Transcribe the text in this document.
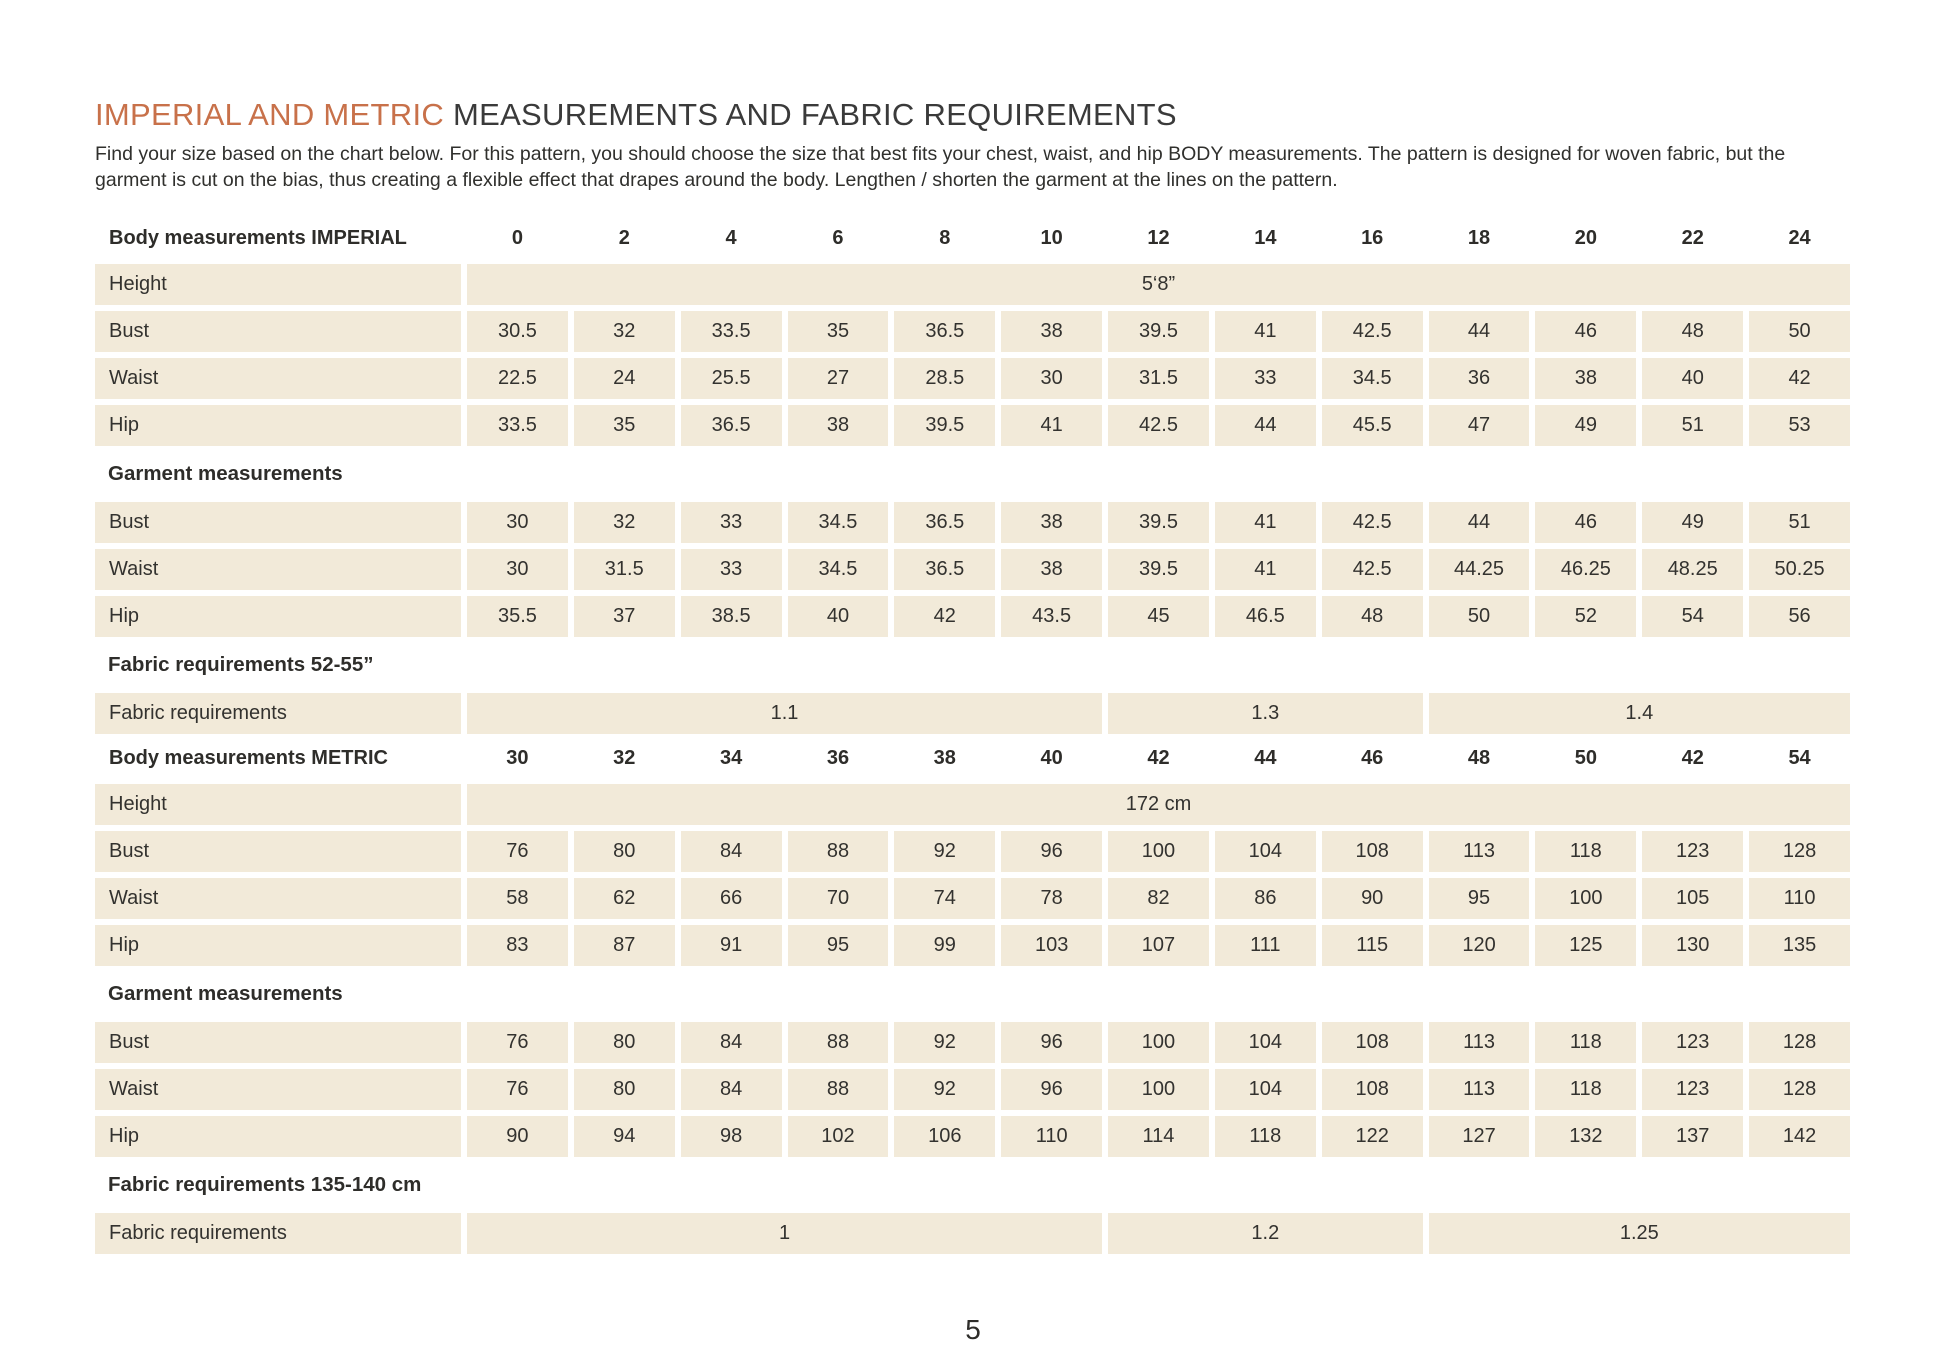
IMPERIAL AND METRIC MEASUREMENTS AND FABRIC REQUIREMENTS

Find your size based on the chart below. For this pattern, you should choose the size that best fits your chest, waist, and hip BODY measurements. The pattern is designed for woven fabric, but the garment is cut on the bias, thus creating a flexible effect that drapes around the body. Lengthen / shorten the garment at the lines on the pattern.

Body measurements IMPERIAL	0	2	4	6	8	10	12	14	16	18	20	22	24
Height	5‘8”
Bust	30.5	32	33.5	35	36.5	38	39.5	41	42.5	44	46	48	50
Waist	22.5	24	25.5	27	28.5	30	31.5	33	34.5	36	38	40	42
Hip	33.5	35	36.5	38	39.5	41	42.5	44	45.5	47	49	51	53
Garment measurements
Bust	30	32	33	34.5	36.5	38	39.5	41	42.5	44	46	49	51
Waist	30	31.5	33	34.5	36.5	38	39.5	41	42.5	44.25	46.25	48.25	50.25
Hip	35.5	37	38.5	40	42	43.5	45	46.5	48	50	52	54	56
Fabric requirements 52-55”
Fabric requirements	1.1	1.3	1.4
Body measurements METRIC	30	32	34	36	38	40	42	44	46	48	50	42	54
Height	172 cm
Bust	76	80	84	88	92	96	100	104	108	113	118	123	128
Waist	58	62	66	70	74	78	82	86	90	95	100	105	110
Hip	83	87	91	95	99	103	107	111	115	120	125	130	135
Garment measurements
Bust	76	80	84	88	92	96	100	104	108	113	118	123	128
Waist	76	80	84	88	92	96	100	104	108	113	118	123	128
Hip	90	94	98	102	106	110	114	118	122	127	132	137	142
Fabric requirements 135-140 cm
Fabric requirements	1	1.2	1.25
5
